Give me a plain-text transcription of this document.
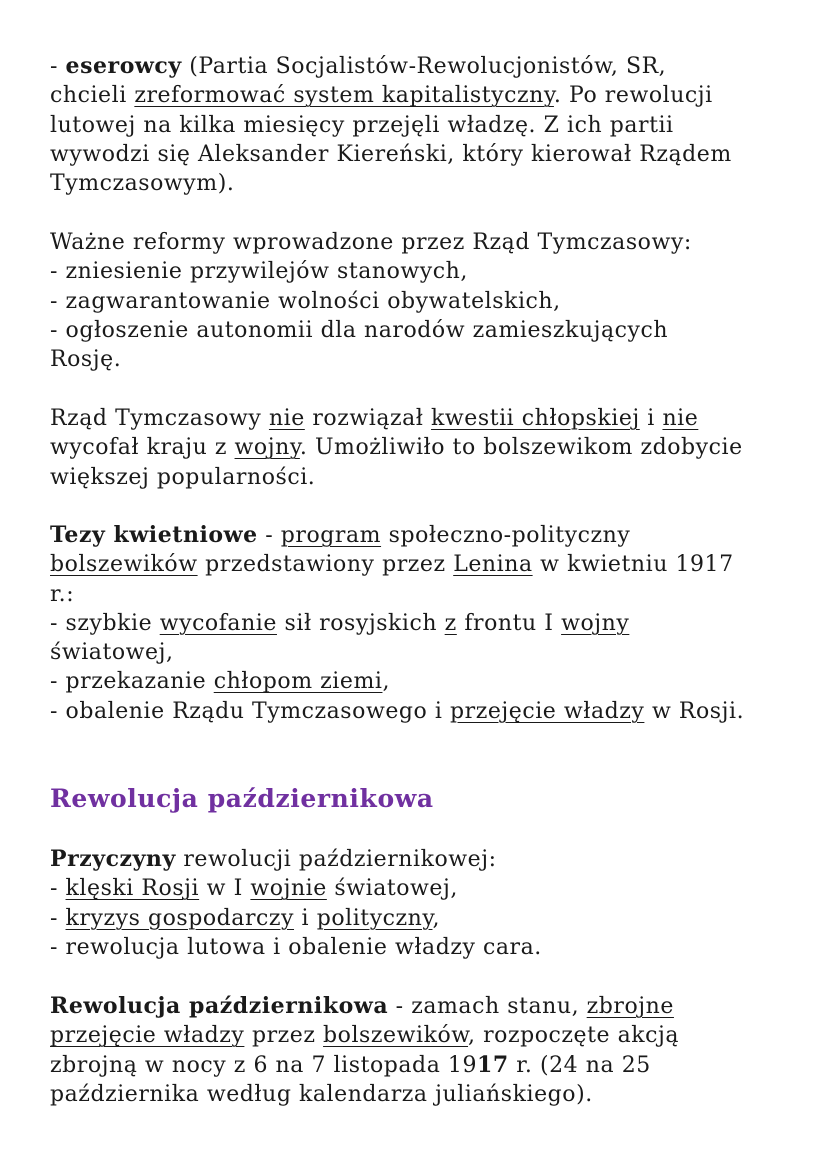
- eserowcy (Partia Socjalistów-Rewolucjonistów, SR,
chcieli zreformować system kapitalistyczny. Po rewolucji
lutowej na kilka miesięcy przejęli władzę. Z ich partii
wywodzi się Aleksander Kiereński, który kierował Rządem
Tymczasowym).

Ważne reformy wprowadzone przez Rząd Tymczasowy:
- zniesienie przywilejów stanowych,
- zagwarantowanie wolności obywatelskich,
- ogłoszenie autonomii dla narodów zamieszkujących
Rosję.

Rząd Tymczasowy nie rozwiązał kwestii chłopskiej i nie
wycofał kraju z wojny. Umożliwiło to bolszewikom zdobycie
większej popularności.

Tezy kwietniowe - program społeczno-polityczny
bolszewików przedstawiony przez Lenina w kwietniu 1917
r.:
- szybkie wycofanie sił rosyjskich z frontu I wojny
światowej,
- przekazanie chłopom ziemi,
- obalenie Rządu Tymczasowego i przejęcie władzy w Rosji.

Rewolucja październikowa

Przyczyny rewolucji październikowej:
- klęski Rosji w I wojnie światowej,
- kryzys gospodarczy i polityczny,
- rewolucja lutowa i obalenie władzy cara.

Rewolucja październikowa - zamach stanu, zbrojne
przejęcie władzy przez bolszewików, rozpoczęte akcją
zbrojną w nocy z 6 na 7 listopada 1917 r. (24 na 25
października według kalendarza juliańskiego).
